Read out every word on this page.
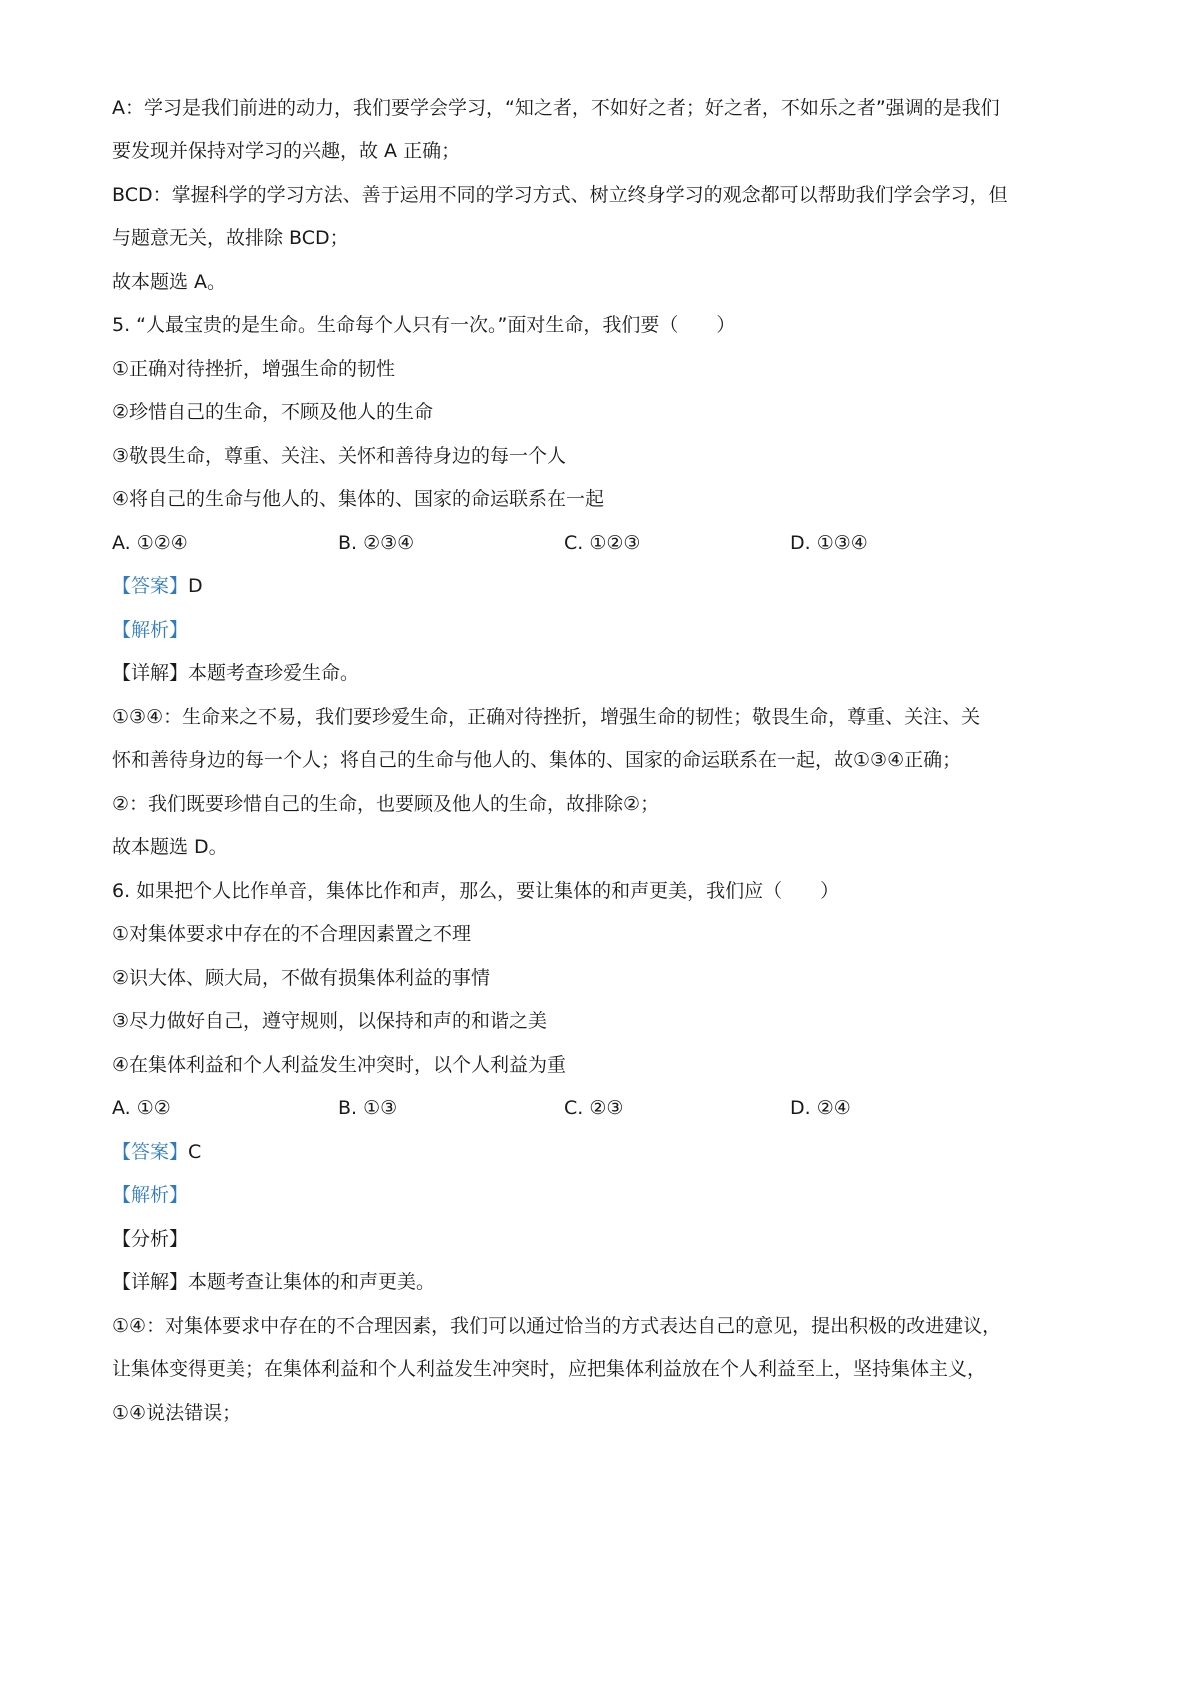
A：学习是我们前进的动力，我们要学会学习，“知之者，不如好之者；好之者，不如乐之者”强调的是我们
要发现并保持对学习的兴趣，故 A 正确；
BCD：掌握科学的学习方法、善于运用不同的学习方式、树立终身学习的观念都可以帮助我们学会学习，但
与题意无关，故排除 BCD；
故本题选 A。
5. “人最宝贵的是生命。生命每个人只有一次。”面对生命，我们要（　　）
①正确对待挫折，增强生命的韧性
②珍惜自己的生命，不顾及他人的生命
③敬畏生命，尊重、关注、关怀和善待身边的每一个人
④将自己的生命与他人的、集体的、国家的命运联系在一起
A. ①②④	B. ②③④	C. ①②③	D. ①③④
【答案】D
【解析】
【详解】本题考查珍爱生命。
①③④：生命来之不易，我们要珍爱生命，正确对待挫折，增强生命的韧性；敬畏生命，尊重、关注、关
怀和善待身边的每一个人；将自己的生命与他人的、集体的、国家的命运联系在一起，故①③④正确；
②：我们既要珍惜自己的生命，也要顾及他人的生命，故排除②；
故本题选 D。
6. 如果把个人比作单音，集体比作和声，那么，要让集体的和声更美，我们应（　　）
①对集体要求中存在的不合理因素置之不理
②识大体、顾大局，不做有损集体利益的事情
③尽力做好自己，遵守规则，以保持和声的和谐之美
④在集体利益和个人利益发生冲突时，以个人利益为重
A. ①②	B. ①③	C. ②③	D. ②④
【答案】C
【解析】
【分析】
【详解】本题考查让集体的和声更美。
①④：对集体要求中存在的不合理因素，我们可以通过恰当的方式表达自己的意见，提出积极的改进建议，
让集体变得更美；在集体利益和个人利益发生冲突时，应把集体利益放在个人利益至上，坚持集体主义，
①④说法错误；
